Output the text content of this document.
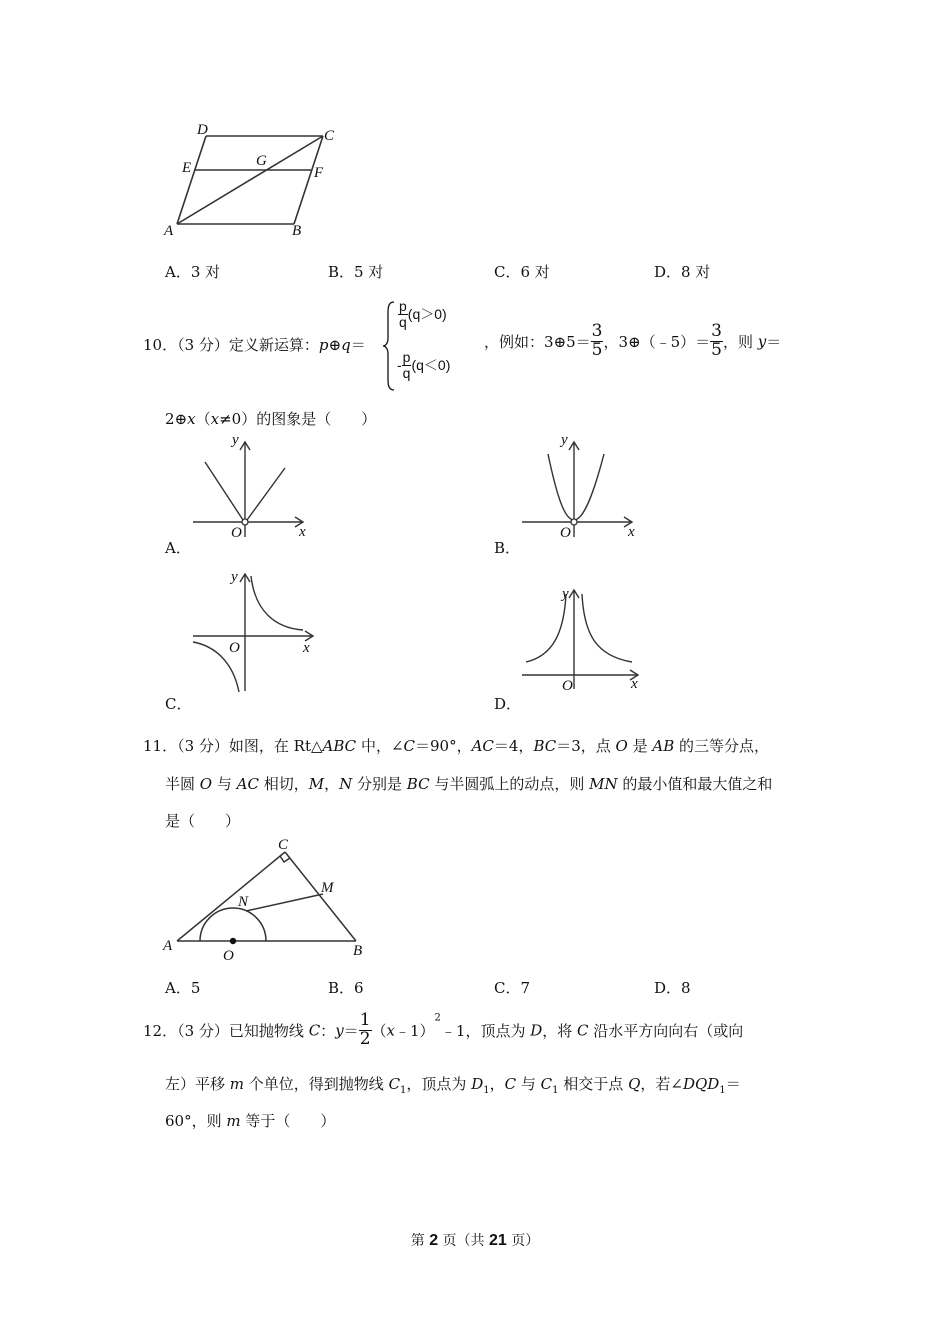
D	C
E	G
F
A	B
A．3 对	B．5 对	C．6 对	D．8 对
10．（3 分）定义新运算：p⊕q＝
$\frac{p}{q} (q>0)$
- $\frac{p}{q} (q<0)$
，例如：3⊕5＝ $\frac{3}{5}$ ，3⊕（﹣5）＝ $\frac{3}{5}$ ，则 y＝
2⊕x（x≠0）的图象是（　　）
y
x
O
A．
y
x
O
B．
y
x
O
C．
y
x
O
D．
11．（3 分）如图，在 Rt△ABC 中，∠C＝90°，AC＝4，BC＝3，点 O 是 AB 的三等分点，
半圆 O 与 AC 相切，M，N 分别是 BC 与半圆弧上的动点，则 MN 的最小值和最大值之和
是（　　）
C
M
N
A
O	B
A．5	B．6	C．7	D．8
12．（3 分）已知抛物线 C：$y= \frac{1}{2}$ （x﹣1）$^2$﹣1，顶点为 D，将 C 沿水平方向向右（或向
左）平移 m 个单位，得到抛物线 $C_1$，顶点为 $D_1$，C 与 $C_1$ 相交于点 Q，若$\angle DQD_1=$
60°，则 m 等于（　　）
第 2 页（共 21 页）
